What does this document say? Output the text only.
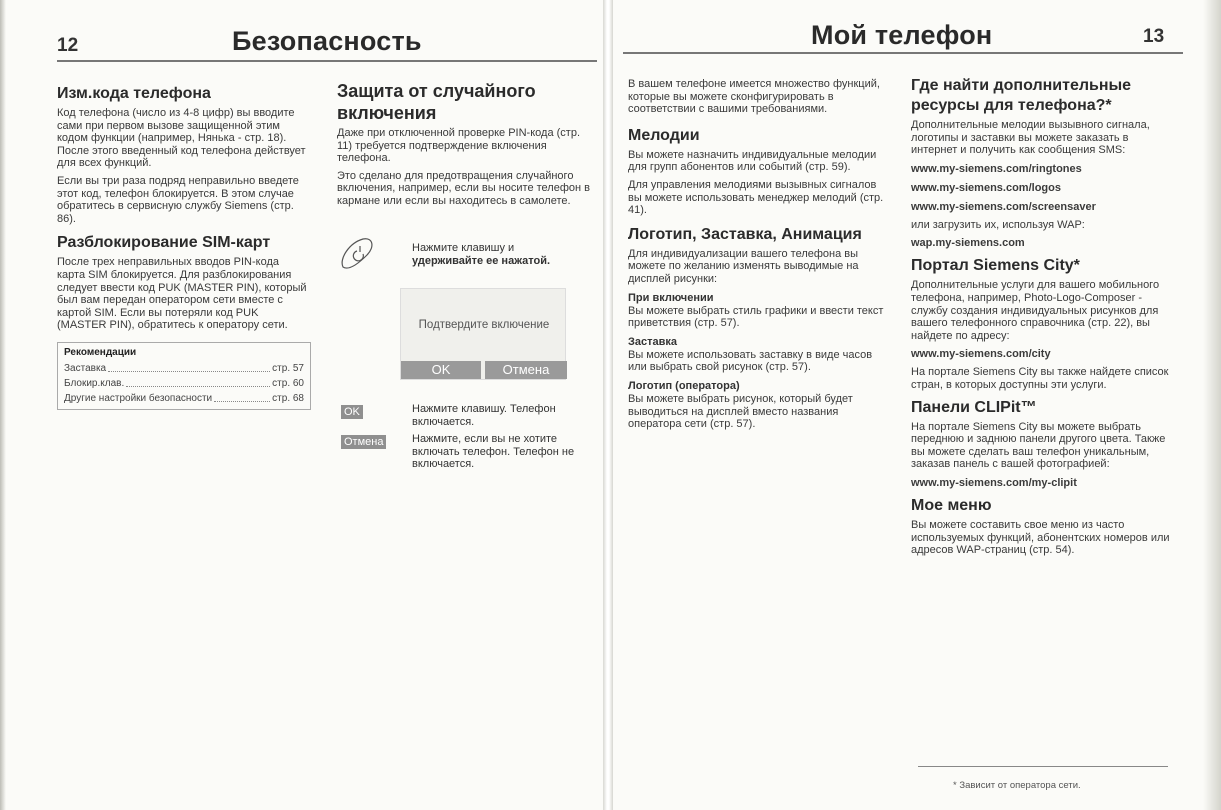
12	Безопасность
Изм.кода телефона
Код телефона (число из 4-8 цифр) вы вводите сами при первом вызове защищенной этим кодом функции (например, Нянька - стр. 18). После этого введенный код телефона действует для всех функций.
Если вы три раза подряд неправильно введете этот код, телефон блокируется. В этом случае обратитесь в сервисную службу Siemens (стр. 86).
Разблокирование SIM-карт
После трех неправильных вводов PIN-кода карта SIM блокируется. Для разблокирования следует ввести код PUK (MASTER PIN), который был вам передан оператором сети вместе с картой SIM. Если вы потеряли код PUK (MASTER PIN), обратитесь к оператору сети.
Рекомендации
Заставка	стр. 57
Блокир.клав.	стр. 60
Другие настройки безопасности	стр. 68
Защита от случайного включения
Даже при отключенной проверке PIN-кода (стр. 11) требуется подтверждение включения телефона.
Это сделано для предотвращения случайного включения, например, если вы носите телефон в кармане или если вы находитесь в самолете.
Нажмите клавишу и
удерживайте ее нажатой.
Подтвердите включение
OK	Отмена
OK	Нажмите клавишу. Телефон включается.
Отмена	Нажмите, если вы не хотите включать телефон. Телефон не включается.
Мой телефон	13
В вашем телефоне имеется множество функций, которые вы можете сконфигурировать в соответствии с вашими требованиями.
Мелодии
Вы можете назначить индивидуальные мелодии для групп абонентов или событий (стр. 59).
Для управления мелодиями вызывных сигналов вы можете использовать менеджер мелодий (стр. 41).
Логотип, Заставка, Анимация
Для индивидуализации вашего телефона вы можете по желанию изменять выводимые на дисплей рисунки:
При включении
Вы можете выбрать стиль графики и ввести текст приветствия (стр. 57).
Заставка
Вы можете использовать заставку в виде часов или выбрать свой рисунок (стр. 57).
Логотип (оператора)
Вы можете выбрать рисунок, который будет выводиться на дисплей вместо названия оператора сети (стр. 57).
Где найти дополнительные ресурсы для телефона?*
Дополнительные мелодии вызывного сигнала, логотипы и заставки вы можете заказать в интернет и получить как сообщения SMS:
www.my-siemens.com/ringtones
www.my-siemens.com/logos
www.my-siemens.com/screensaver
или загрузить их, используя WAP:
wap.my-siemens.com
Портал Siemens City*
Дополнительные услуги для вашего мобильного телефона, например, Photo-Logo-Composer - службу создания индивидуальных рисунков для вашего телефонного справочника (стр. 22), вы найдете по адресу:
www.my-siemens.com/city
На портале Siemens City вы также найдете список стран, в которых доступны эти услуги.
Панели CLIPit™
На портале Siemens City вы можете выбрать переднюю и заднюю панели другого цвета. Также вы можете сделать ваш телефон уникальным, заказав панель с вашей фотографией:
www.my-siemens.com/my-clipit
Мое меню
Вы можете составить свое меню из часто используемых функций, абонентских номеров или адресов WAP-страниц (стр. 54).
* Зависит от оператора сети.
